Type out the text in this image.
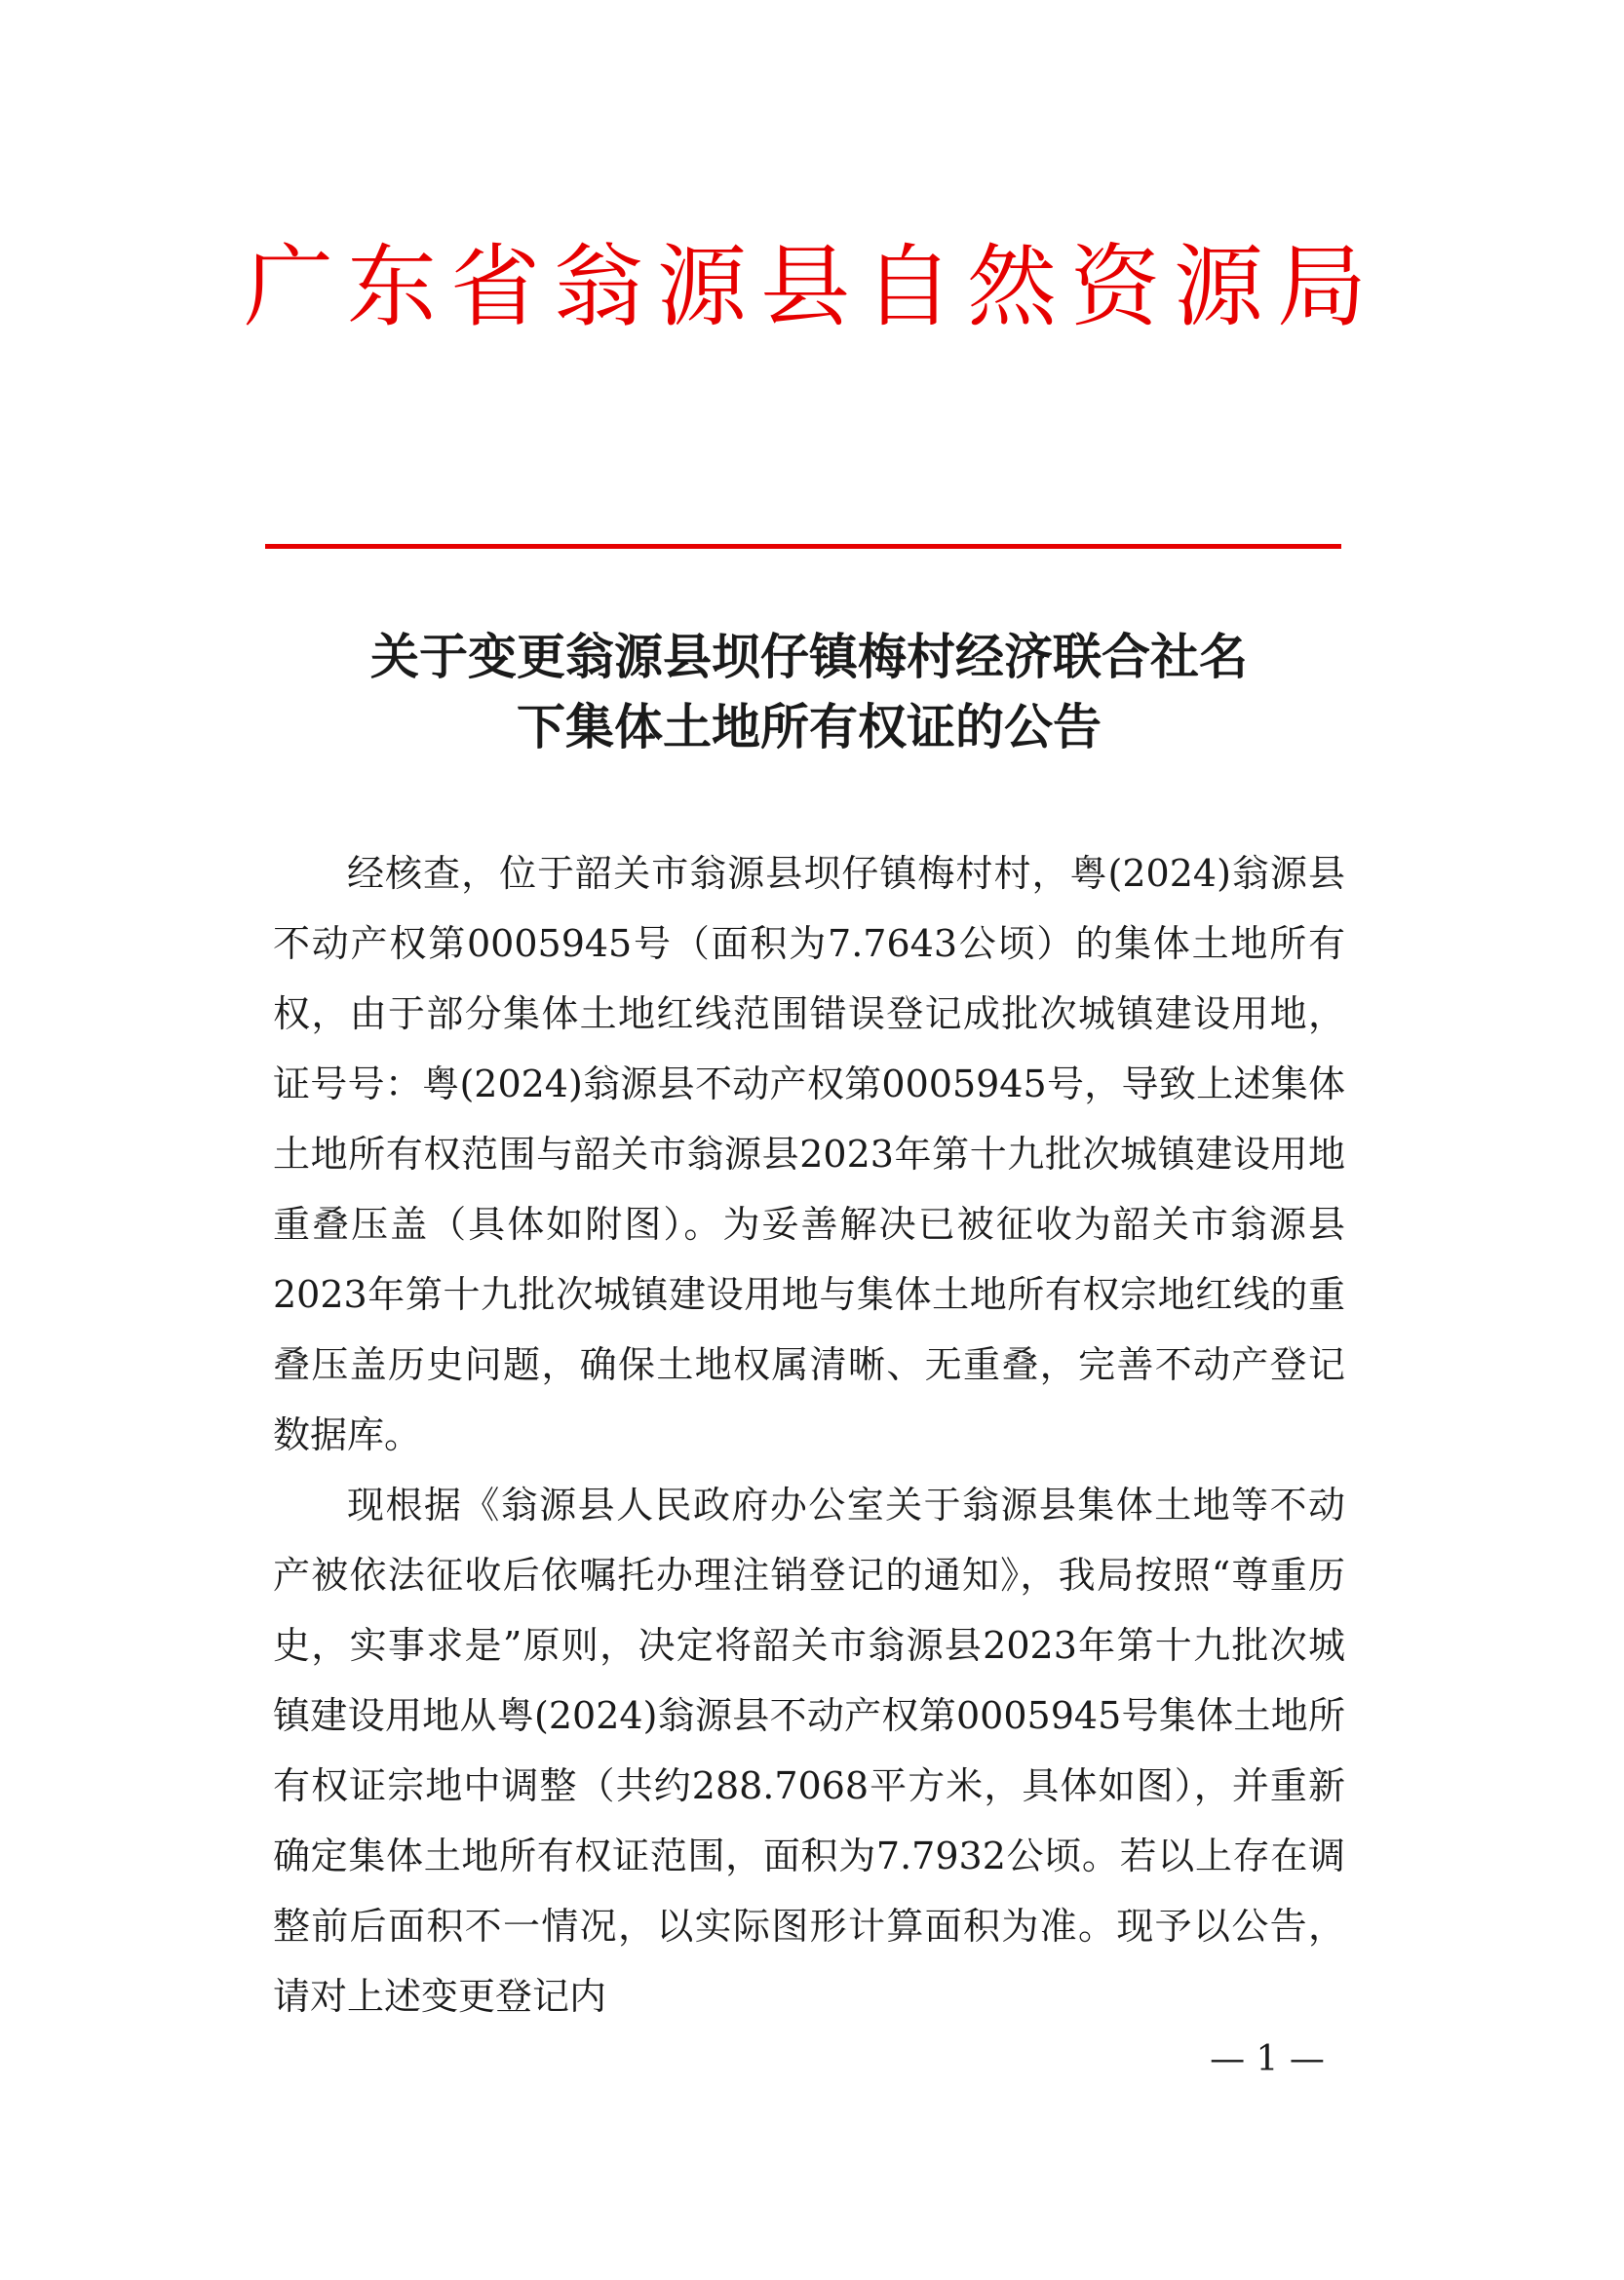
广东省翁源县自然资源局
关于变更翁源县坝仔镇梅村经济联合社名
下集体土地所有权证的公告

经核查，位于韶关市翁源县坝仔镇梅村村，粤(2024)翁源县不动产权第0005945号（面积为7.7643公顷）的集体土地所有权，由于部分集体土地红线范围错误登记成批次城镇建设用地，证号号：粤(2024)翁源县不动产权第0005945号，导致上述集体土地所有权范围与韶关市翁源县2023年第十九批次城镇建设用地重叠压盖（具体如附图）。为妥善解决已被征收为韶关市翁源县2023年第十九批次城镇建设用地与集体土地所有权宗地红线的重叠压盖历史问题，确保土地权属清晰、无重叠，完善不动产登记数据库。

现根据《翁源县人民政府办公室关于翁源县集体土地等不动产被依法征收后依嘱托办理注销登记的通知》，我局按照“尊重历史，实事求是”原则，决定将韶关市翁源县2023年第十九批次城镇建设用地从粤(2024)翁源县不动产权第0005945号集体土地所有权证宗地中调整（共约288.7068平方米，具体如图），并重新确定集体土地所有权证范围，面积为7.7932公顷。若以上存在调整前后面积不一情况，以实际图形计算面积为准。现予以公告，请对上述变更登记内

— 1 —
